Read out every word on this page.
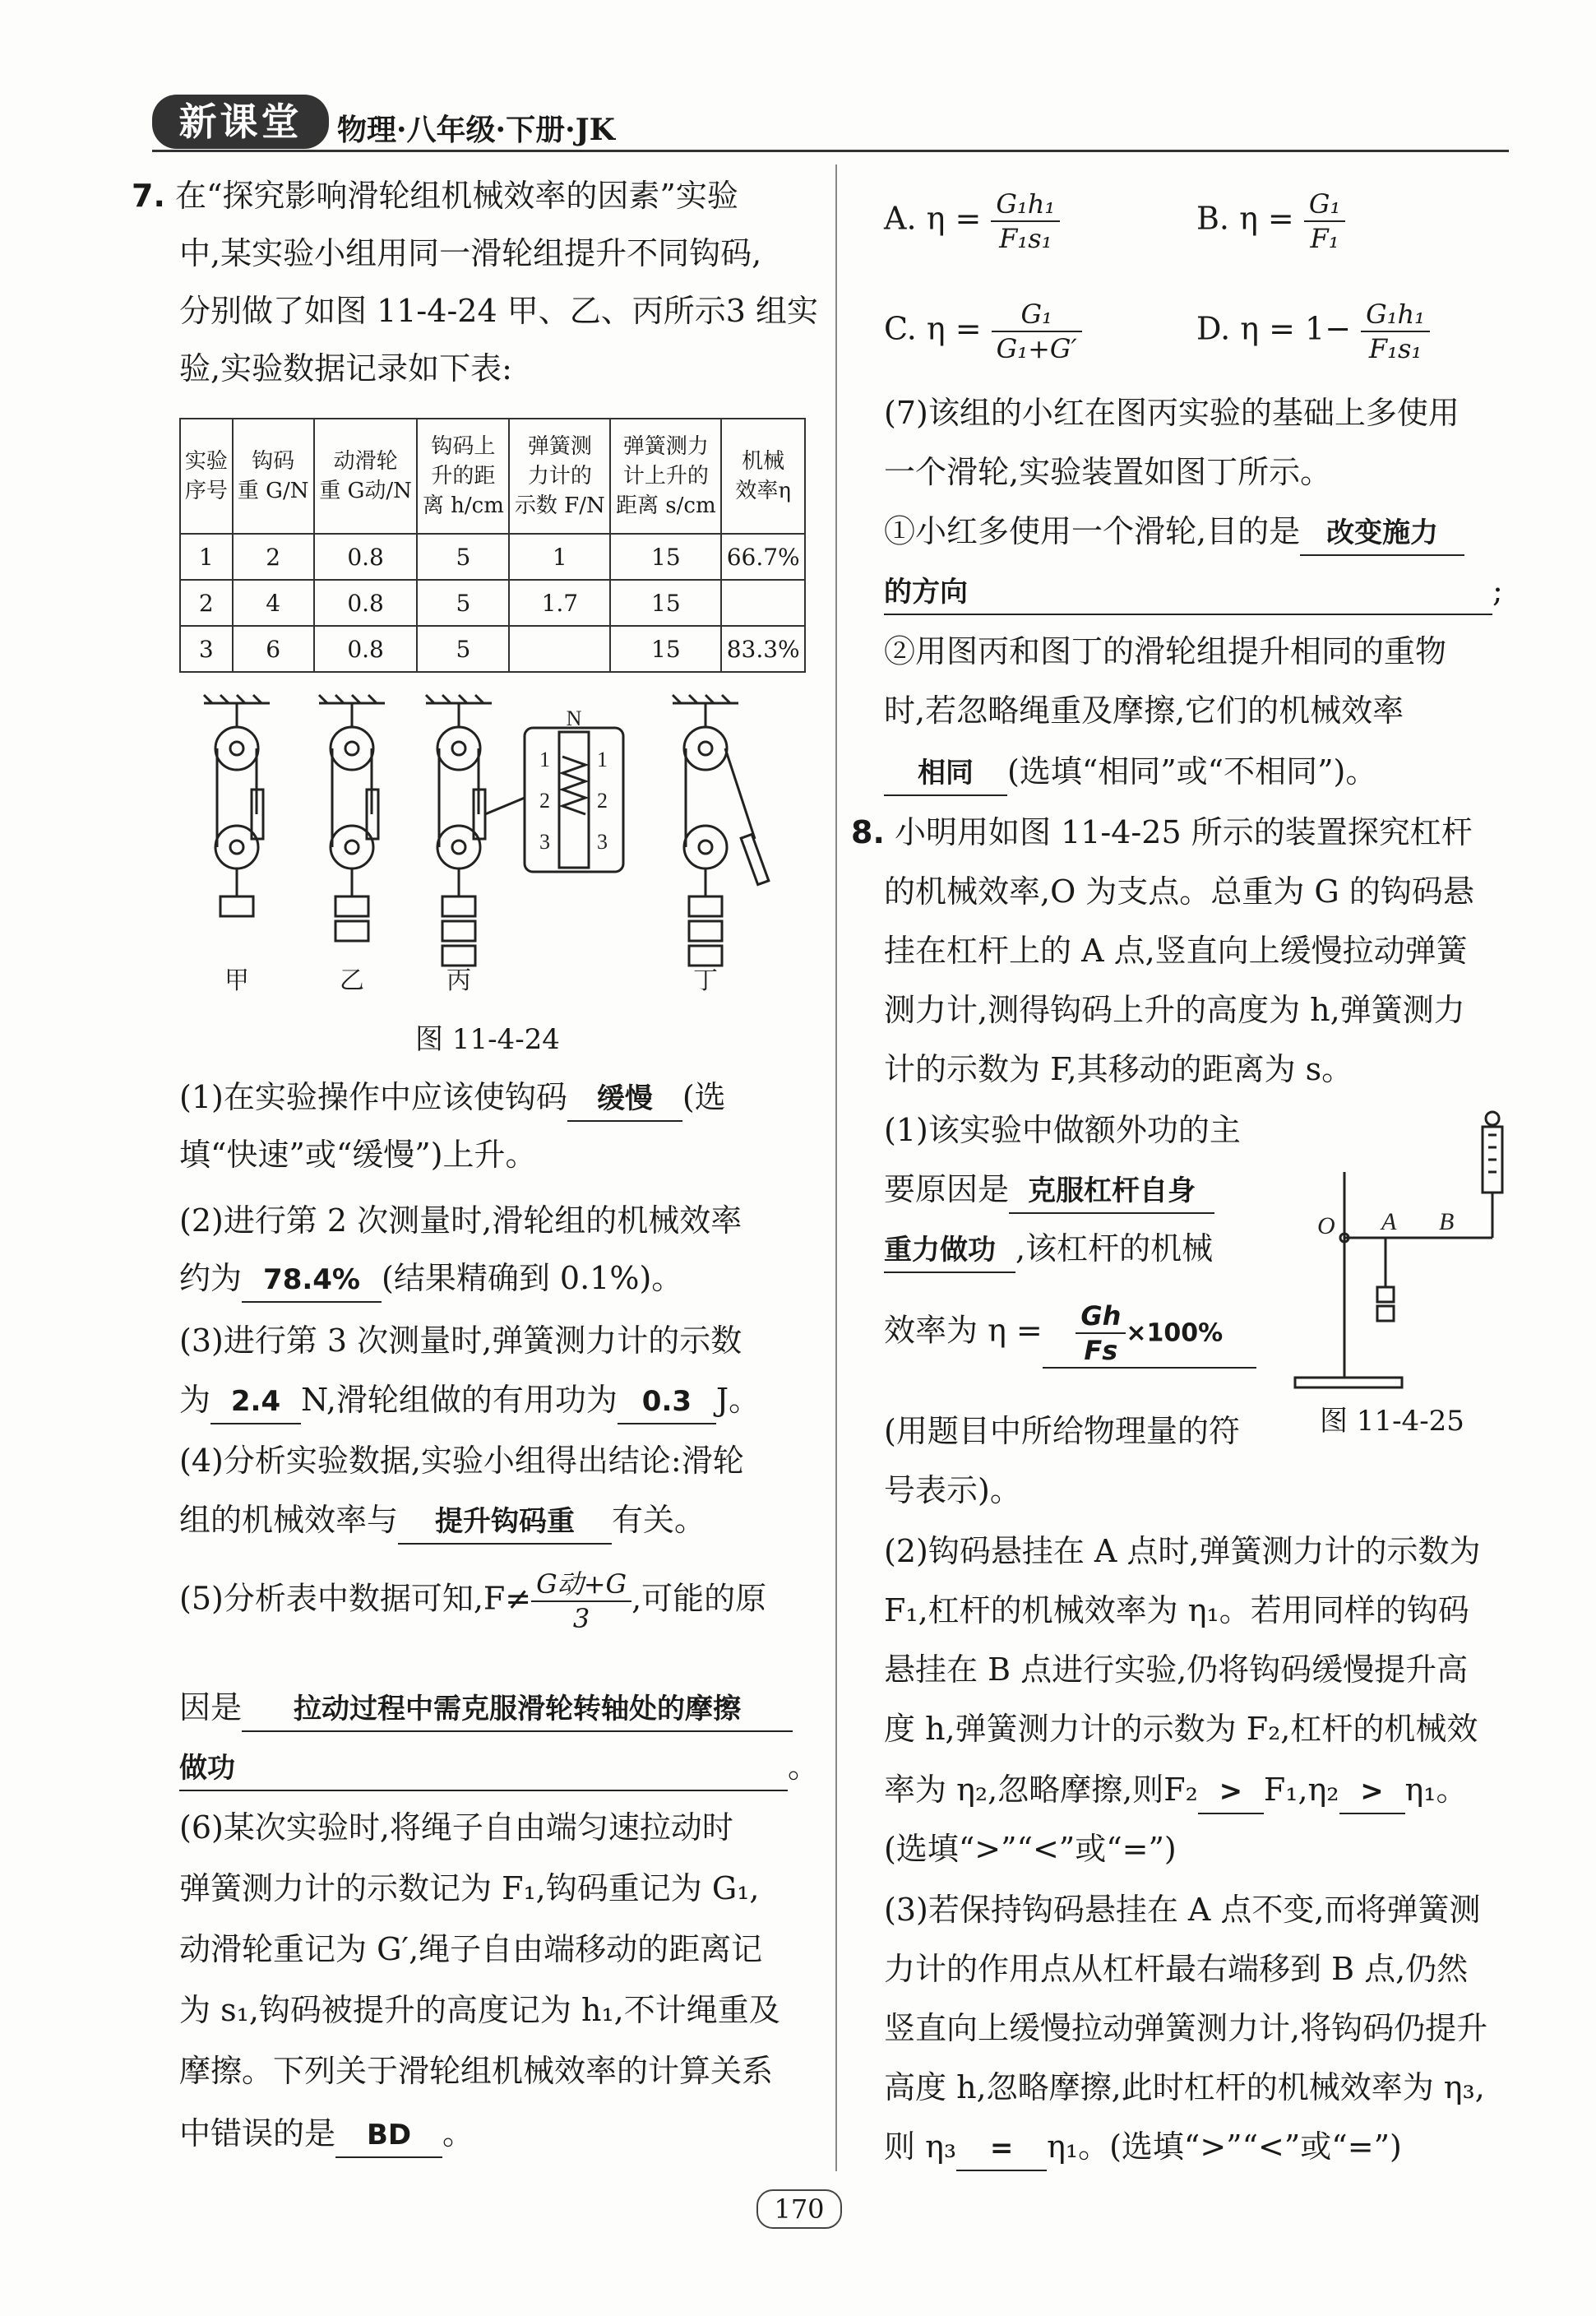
新课堂	物理·八年级·下册·JK
7. 在“探究影响滑轮组机械效率的因素”实验
中,某实验小组用同一滑轮组提升不同钩码,
分别做了如图 11-4-24 甲、乙、丙所示3 组实
验,实验数据记录如下表:
实验
序号	钩码
重 G/N	动滑轮
重 G动/N	钩码上
升的距
离 h/cm	弹簧测
力计的
示数 F/N	弹簧测力
计上升的
距离 s/cm	机械
效率η
1	2	0.8	5	1	15	66.7%
2	4	0.8	5	1.7	15	
3	6	0.8	5		15	83.3%
N
1
2
3
1
2
3
甲	乙	丙	丁
图 11-4-24
(1)在实验操作中应该使钩码 缓慢 (选
填“快速”或“缓慢”)上升。
(2)进行第 2 次测量时,滑轮组的机械效率
约为 78.4% (结果精确到 0.1%)。
(3)进行第 3 次测量时,弹簧测力计的示数
为 2.4 N,滑轮组做的有用功为 0.3 J。
(4)分析实验数据,实验小组得出结论:滑轮
组的机械效率与 提升钩码重 有关。
(5)分析表中数据可知$,F\ne \frac{\text{G动+G}}{3}$ ,可能的原
因是 拉动过程中需克服滑轮转轴处的摩擦
做功	。
(6)某次实验时,将绳子自由端匀速拉动时
弹簧测力计的示数记为 F₁,钩码重记为 G₁,
动滑轮重记为 G′,绳子自由端移动的距离记
为 s₁,钩码被提升的高度记为 h₁,不计绳重及
摩擦。下列关于滑轮组机械效率的计算关系
中错误的是 BD 。
A. $\eta = \frac{\text{G₁h₁}}{\text{F₁s₁}}$	B. $\eta = \frac{\text{G₁}}{\text{F₁}}$
C. $\eta = \frac{\text{G₁}}{\text{G₁+G′}}$	D. $\eta = 1- \frac{\text{G₁h₁}}{\text{F₁s₁}}$
(7)该组的小红在图丙实验的基础上多使用
一个滑轮,实验装置如图丁所示。
①小红多使用一个滑轮,目的是 改变施力
的方向	;
②用图丙和图丁的滑轮组提升相同的重物
时,若忽略绳重及摩擦,它们的机械效率
相同 (选填“相同”或“不相同”)。
8. 小明用如图 11-4-25 所示的装置探究杠杆
的机械效率,O 为支点。总重为 G 的钩码悬
挂在杠杆上的 A 点,竖直向上缓慢拉动弹簧
测力计,测得钩码上升的高度为 h,弹簧测力
计的示数为 F,其移动的距离为 s。
(1)该实验中做额外功的主
要原因是 克服杠杆自身
重力做功 ,该杠杆的机械
效率为 $\eta = \frac{Gh}{Fs} \times 100\%$
(用题目中所给物理量的符
号表示)。
O A B
图 11-4-25
(2)钩码悬挂在 A 点时,弹簧测力计的示数为
F₁,杠杆的机械效率为 η₁。若用同样的钩码
悬挂在 B 点进行实验,仍将钩码缓慢提升高
度 h,弹簧测力计的示数为 F₂,杠杆的机械效
率为 η₂,忽略摩擦,则F₂ > F₁,η₂ > η₁。
(选填“>”“<”或“=”)
(3)若保持钩码悬挂在 A 点不变,而将弹簧测
力计的作用点从杠杆最右端移到 B 点,仍然
竖直向上缓慢拉动弹簧测力计,将钩码仍提升
高度 h,忽略摩擦,此时杠杆的机械效率为 η₃,
则 η₃ = η₁。(选填“>”“<”或“=”)
170
